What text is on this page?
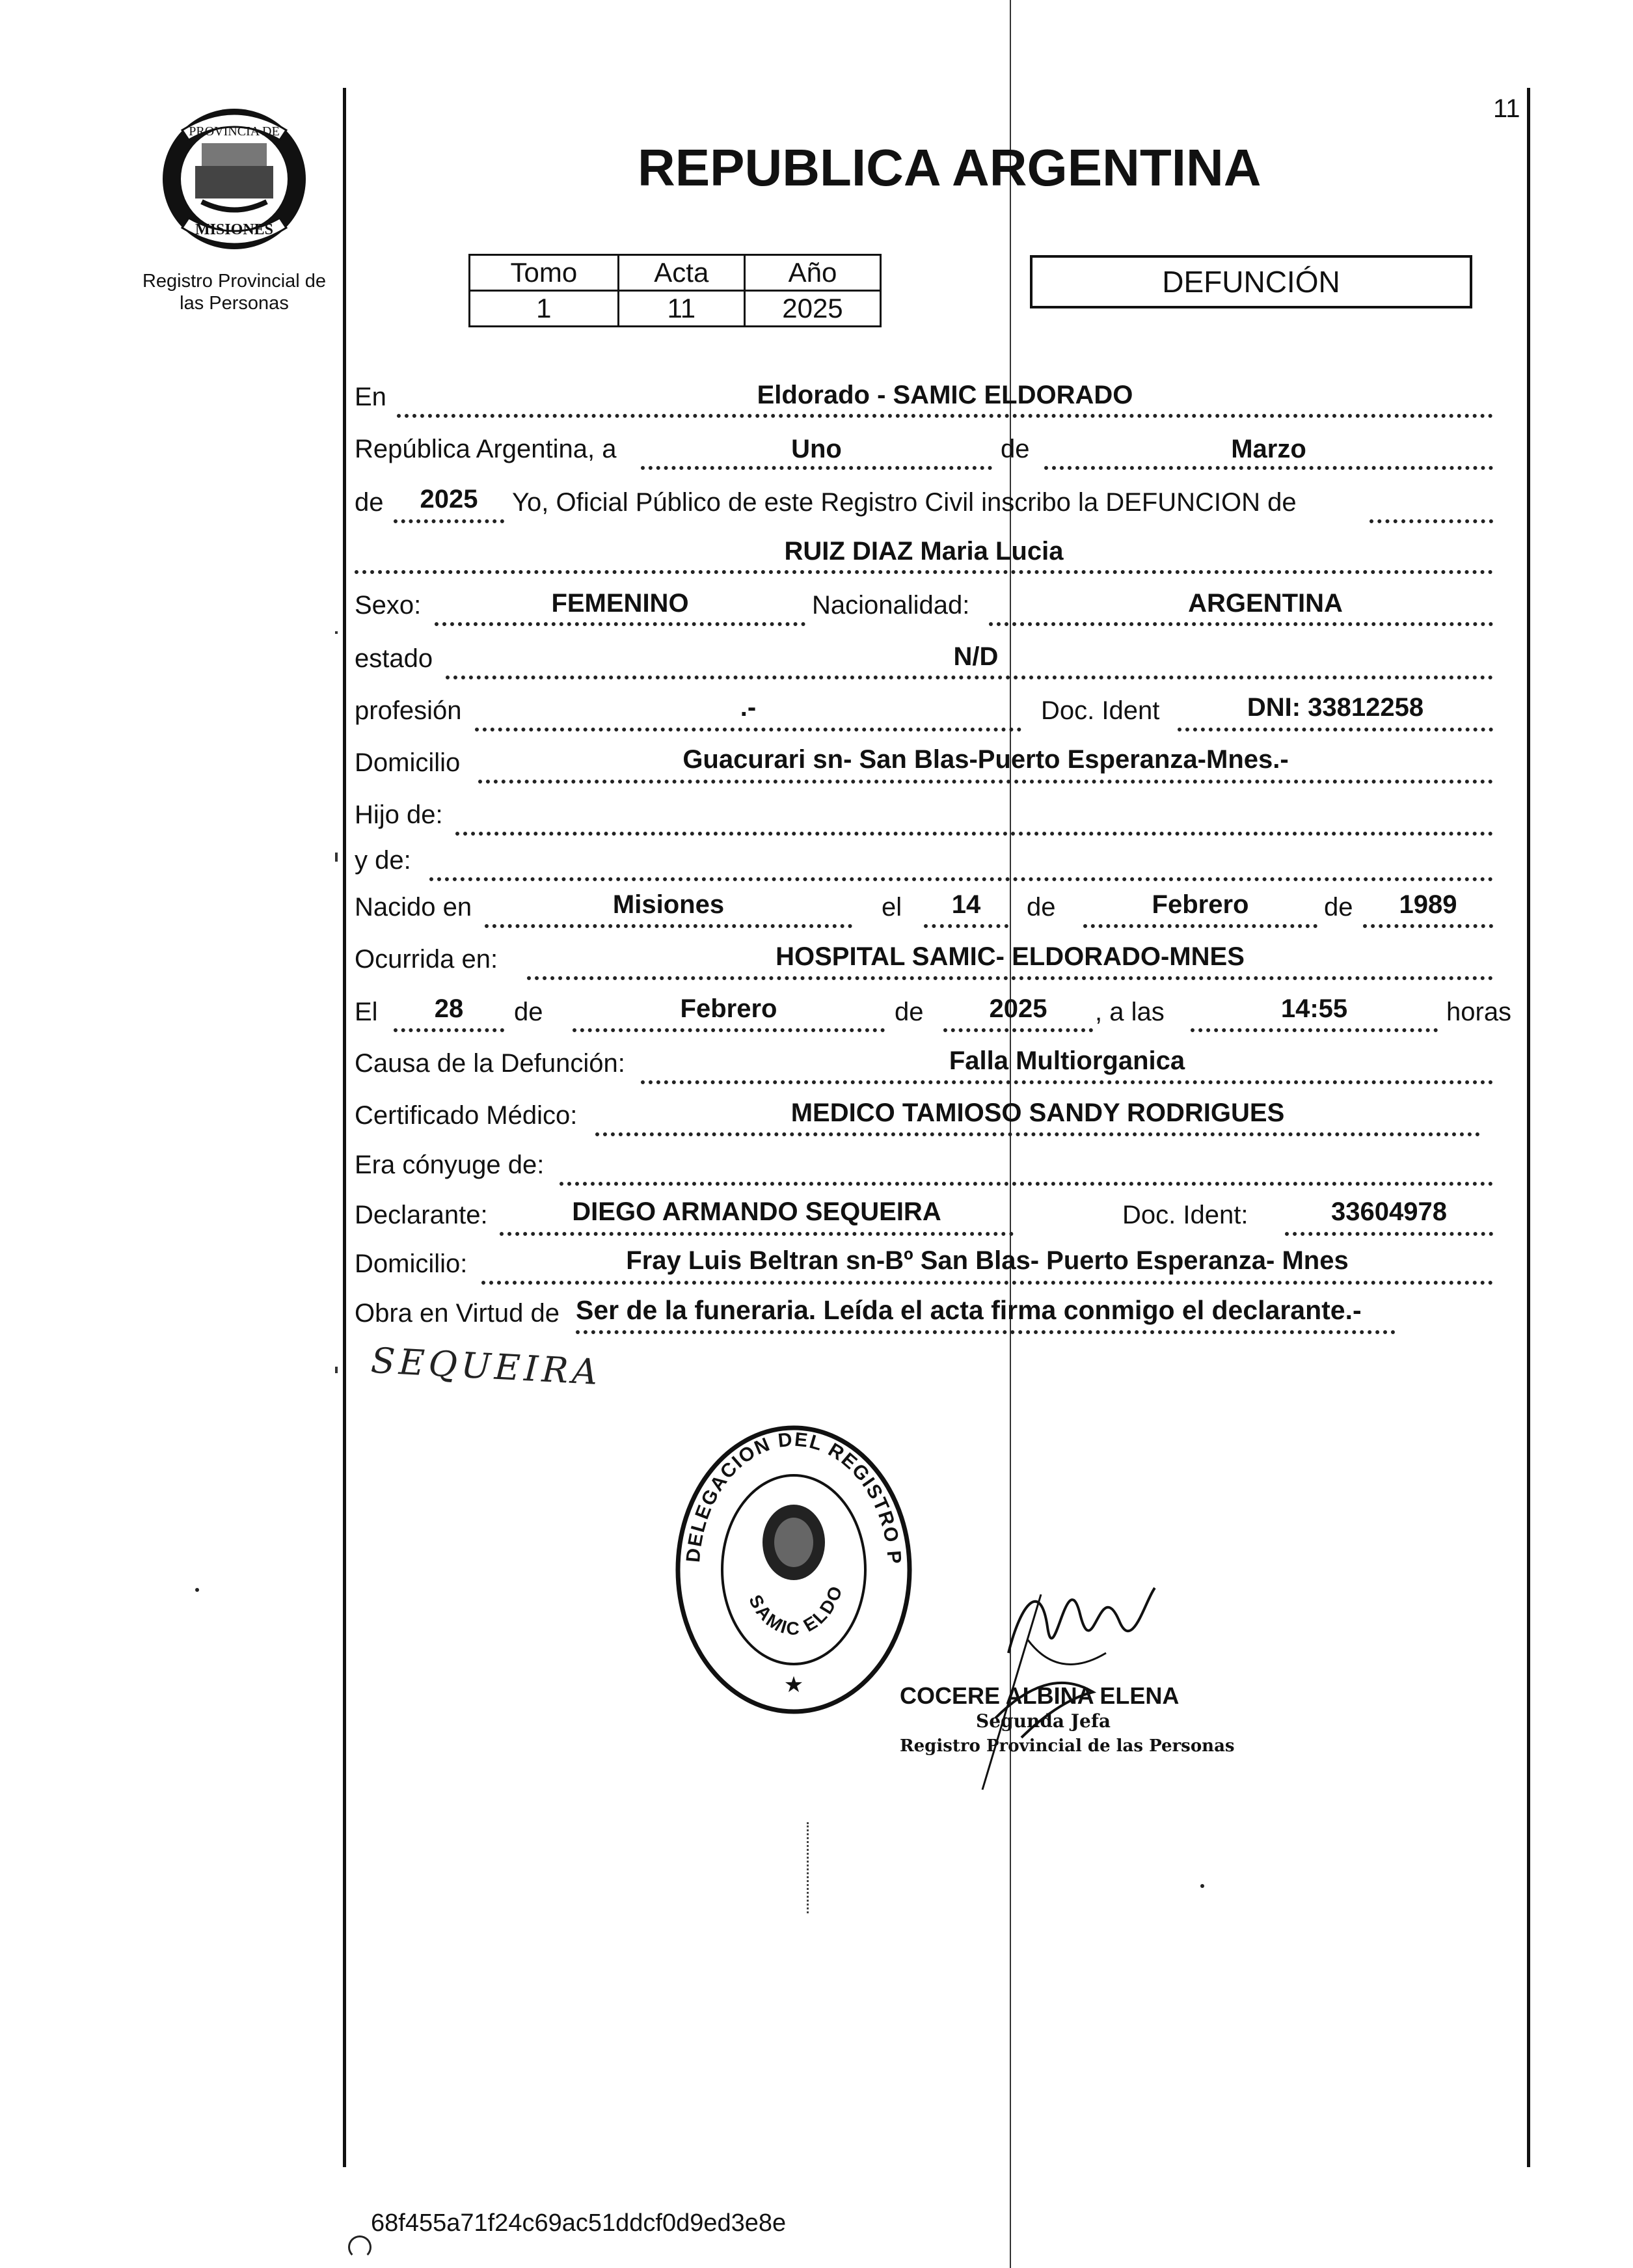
11
PROVINCIA DE
MISIONES
Registro Provincial de las Personas
REPUBLICA ARGENTINA
Tomo	Acta	Año
1	11	2025
DEFUNCIÓN
En	Eldorado - SAMIC ELDORADO
República Argentina, a	Uno	de	Marzo
de	2025	Yo, Oficial Público de este Registro Civil inscribo la DEFUNCION de
RUIZ DIAZ Maria Lucia
Sexo:	FEMENINO	Nacionalidad:	ARGENTINA
estado	N/D
profesión	.-	Doc. Ident	DNI: 33812258
Domicilio	Guacurari sn- San Blas-Puerto Esperanza-Mnes.-
Hijo de:
y de:
Nacido en	Misiones	el	14	de	Febrero	de	1989
Ocurrida en:	HOSPITAL SAMIC- ELDORADO-MNES
El	28	de	Febrero	de	2025	, a las	14:55	horas
Causa de la Defunción:	Falla Multiorganica
Certificado Médico:	MEDICO TAMIOSO SANDY RODRIGUES
Era cónyuge de:
Declarante:	DIEGO ARMANDO SEQUEIRA	Doc. Ident:	33604978
Domicilio:	Fray Luis Beltran sn-Bº San Blas- Puerto Esperanza- Mnes
Obra en Virtud de Ser de la funeraria. Leída el acta firma conmigo el declarante.-
SEQUEIRA
DELEGACION DEL REGISTRO P
SAMIC ELDO
★	COCERE ALBINA ELENA
Segunda Jefa
Registro Provincial de las Personas
68f455a71f24c69ac51ddcf0d9ed3e8e
